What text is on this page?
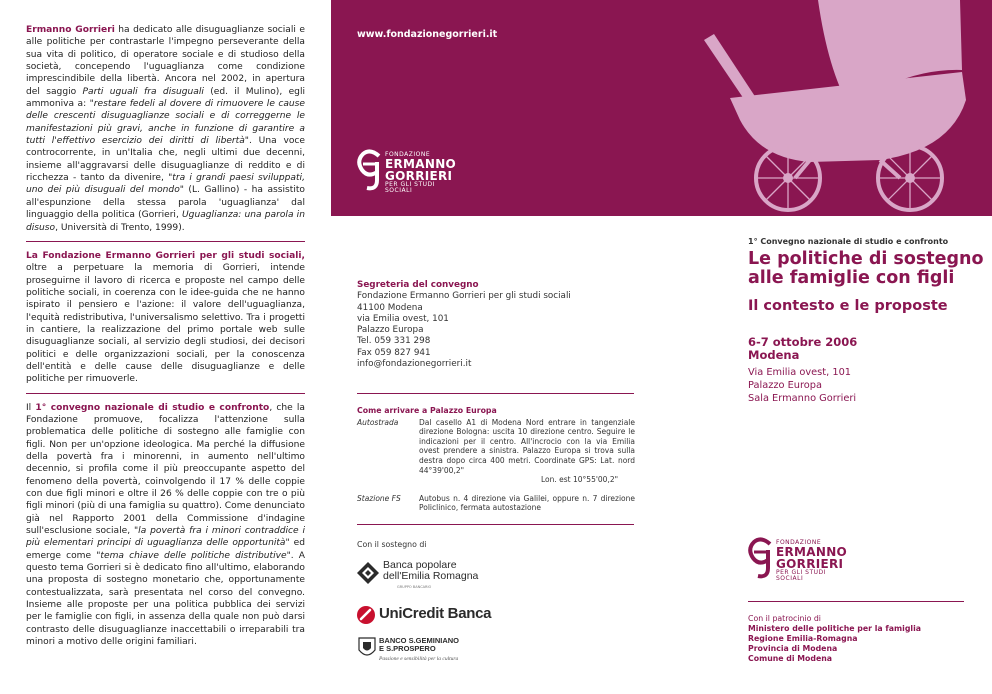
Ermanno Gorrieri ha dedicato alle disuguaglianze sociali e alle politiche per contrastarle l'impegno perseverante della sua vita di politico, di operatore sociale e di studioso della società, concependo l'uguaglianza come condizione imprescindibile della libertà. Ancora nel 2002, in apertura del saggio Parti uguali fra disuguali (ed. il Mulino), egli ammoniva a: "restare fedeli al dovere di rimuovere le cause delle crescenti disuguaglianze sociali e di correggerne le manifestazioni più gravi, anche in funzione di garantire a tutti l'effettivo esercizio dei diritti di libertà". Una voce controcorrente, in un'Italia che, negli ultimi due decenni, insieme all'aggravarsi delle disuguaglianze di reddito e di ricchezza - tanto da divenire, "tra i grandi paesi sviluppati, uno dei più disuguali del mondo" (L. Gallino) - ha assistito all'espunzione della stessa parola 'uguaglianza' dal linguaggio della politica (Gorrieri, Uguaglianza: una parola in disuso, Università di Trento, 1999).

La Fondazione Ermanno Gorrieri per gli studi sociali, oltre a perpetuare la memoria di Gorrieri, intende proseguirne il lavoro di ricerca e proposte nel campo delle politiche sociali, in coerenza con le idee-guida che ne hanno ispirato il pensiero e l'azione: il valore dell'uguaglianza, l'equità redistributiva, l'universalismo selettivo. Tra i progetti in cantiere, la realizzazione del primo portale web sulle disuguaglianze sociali, al servizio degli studiosi, dei decisori politici e delle organizzazioni sociali, per la conoscenza dell'entità e delle cause delle disuguaglianze e delle politiche per rimuoverle.

Il 1° convegno nazionale di studio e confronto, che la Fondazione promuove, focalizza l'attenzione sulla problematica delle politiche di sostegno alle famiglie con figli. Non per un'opzione ideologica. Ma perché la diffusione della povertà fra i minorenni, in aumento nell'ultimo decennio, si profila come il più preoccupante aspetto del fenomeno della povertà, coinvolgendo il 17 % delle coppie con due figli minori e oltre il 26 % delle coppie con tre o più figli minori (più di una famiglia su quattro). Come denunciato già nel Rapporto 2001 della Commissione d'indagine sull'esclusione sociale, "la povertà fra i minori contraddice i più elementari principi di uguaglianza delle opportunità" ed emerge come "tema chiave delle politiche distributive". A questo tema Gorrieri si è dedicato fino all'ultimo, elaborando una proposta di sostegno monetario che, opportunamente contestualizzata, sarà presentata nel corso del convegno. Insieme alle proposte per una politica pubblica dei servizi per le famiglie con figli, in assenza della quale non può darsi contrasto delle disuguaglianze inaccettabili o irreparabili tra minori a motivo delle origini familiari.

www.fondazionegorrieri.it
FONDAZIONE
ERMANNO
GORRIERI
PER GLI STUDI SOCIALI
Segreteria del convegno
Fondazione Ermanno Gorrieri per gli studi sociali
41100 Modena
via Emilia ovest, 101
Palazzo Europa
Tel. 059 331 298
Fax 059 827 941
info@fondazionegorrieri.it
Come arrivare a Palazzo Europa
Autostrada	Dal casello A1 di Modena Nord entrare in tangenziale direzione Bologna: uscita 10 direzione centro. Seguire le indicazioni per il centro. All'incrocio con la via Emilia ovest prendere a sinistra. Palazzo Europa si trova sulla destra dopo circa 400 metri. Coordinate GPS: Lat. nord 44°39'00,2"
Lon. est 10°55'00,2"
Stazione FS	Autobus n. 4 direzione via Galilei, oppure n. 7 direzione Policlinico, fermata autostazione
Con il sostegno di
Banca popolare
dell'Emilia Romagna
GRUPPO BANCARIO
UniCredit Banca
BANCO S.GEMINIANO
E S.PROSPERO
Passione e sensibilità per la cultura
1° Convegno nazionale di studio e confronto
Le politiche di sostegno alle famiglie con figli
Il contesto e le proposte
6-7 ottobre 2006
Modena
Via Emilia ovest, 101
Palazzo Europa
Sala Ermanno Gorrieri
FONDAZIONE
ERMANNO
GORRIERI
PER GLI STUDI SOCIALI
Con il patrocinio di
Ministero delle politiche per la famiglia
Regione Emilia-Romagna
Provincia di Modena
Comune di Modena
